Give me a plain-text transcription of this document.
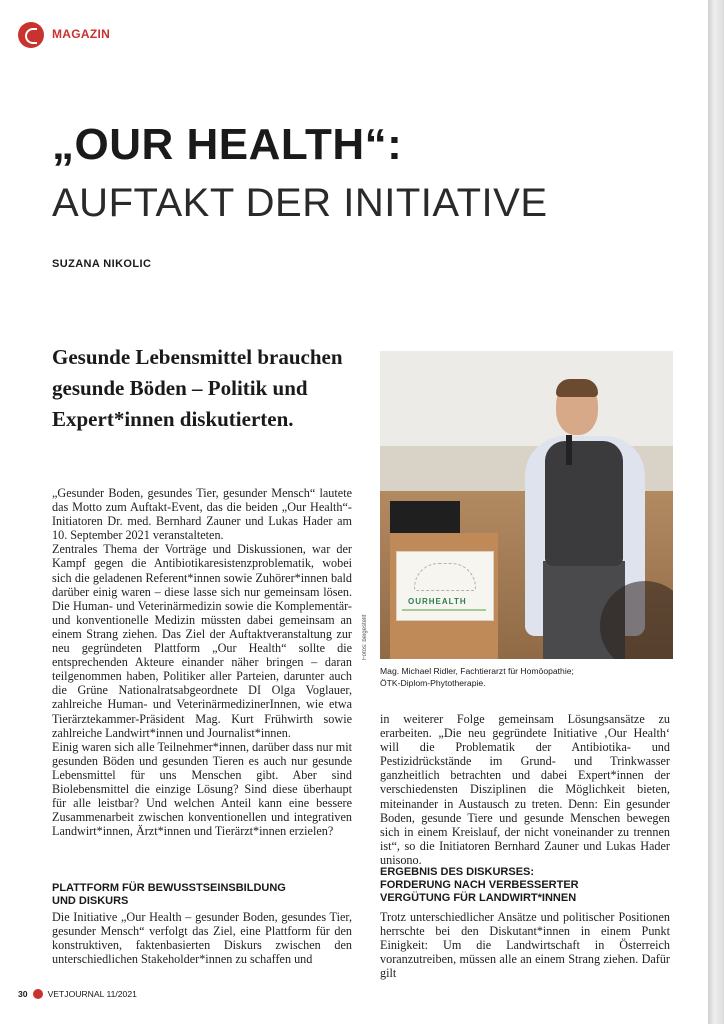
MAGAZIN
„OUR HEALTH“:
AUFTAKT DER INITIATIVE
SUZANA NIKOLIC
Gesunde Lebensmittel brauchen gesunde Böden – Politik und Expert*innen diskutierten.

„Gesunder Boden, gesundes Tier, gesunder Mensch“ lautete das Motto zum Auftakt-Event, das die beiden „Our Health“-Initiatoren Dr. med. Bernhard Zauner und Lukas Hader am 10. September 2021 veranstalteten.

Zentrales Thema der Vorträge und Diskussionen, war der Kampf gegen die Antibiotikaresistenzproblematik, wobei sich die geladenen Referent*innen sowie Zuhörer*innen bald darüber einig waren – diese lasse sich nur gemeinsam lösen. Die Human- und Veterinärmedizin sowie die Komplementär- und konventionelle Medizin müssten dabei gemeinsam an einem Strang ziehen. Das Ziel der Auftaktveranstaltung zur neu gegründeten Plattform „Our Health“ sollte die entsprechenden Akteure einander näher bringen – daran teilgenommen haben, Politiker aller Parteien, darunter auch die Grüne Nationalratsabgeordnete DI Olga Voglauer, zahlreiche Human- und VeterinärmedizinerInnen, wie etwa Tierärztekammer-Präsident Mag. Kurt Frühwirth sowie zahlreiche Landwirt*innen und Journalist*innen.

Einig waren sich alle Teilnehmer*innen, darüber dass nur mit gesunden Böden und gesunden Tieren es auch nur gesunde Lebensmittel für uns Menschen gibt. Aber sind Biolebensmittel die einzige Lösung? Sind diese überhaupt für alle leistbar? Und welchen Anteil kann eine bessere Zusammenarbeit zwischen konventionellen und integrativen Landwirt*innen, Ärzt*innen und Tierärzt*innen erzielen?

PLATTFORM FÜR BEWUSSTSEINSBILDUNG
UND DISKURS

Die Initiative „Our Health – gesunder Boden, gesundes Tier, gesunder Mensch“ verfolgt das Ziel, eine Plattform für den konstruktiven, faktenbasierten Diskurs zwischen den unterschiedlichen Stakeholder*innen zu schaffen und

OURHEALTH
Fotos: beigestellt

Mag. Michael Ridler, Fachtierarzt für Homöopathie;

ÖTK-Diplom-Phytotherapie.

in weiterer Folge gemeinsam Lösungsansätze zu erarbeiten. „Die neu gegründete Initiative ‚Our Health‘ will die Problematik der Antibiotika- und Pestizidrückstände im Grund- und Trinkwasser ganzheitlich betrachten und dabei Expert*innen der verschiedensten Disziplinen die Möglichkeit bieten, miteinander in Austausch zu treten. Denn: Ein gesunder Boden, gesunde Tiere und gesunde Menschen bewegen sich in einem Kreislauf, der nicht voneinander zu trennen ist“, so die Initiatoren Bernhard Zauner und Lukas Hader unisono.

ERGEBNIS DES DISKURSES:
FORDERUNG NACH VERBESSERTER
VERGÜTUNG FÜR LANDWIRT*INNEN

Trotz unterschiedlicher Ansätze und politischer Positionen herrschte bei den Diskutant*innen in einem Punkt Einigkeit: Um die Landwirtschaft in Österreich voranzutreiben, müssen alle an einem Strang ziehen. Dafür gilt

30 VETJOURNAL 11/2021
